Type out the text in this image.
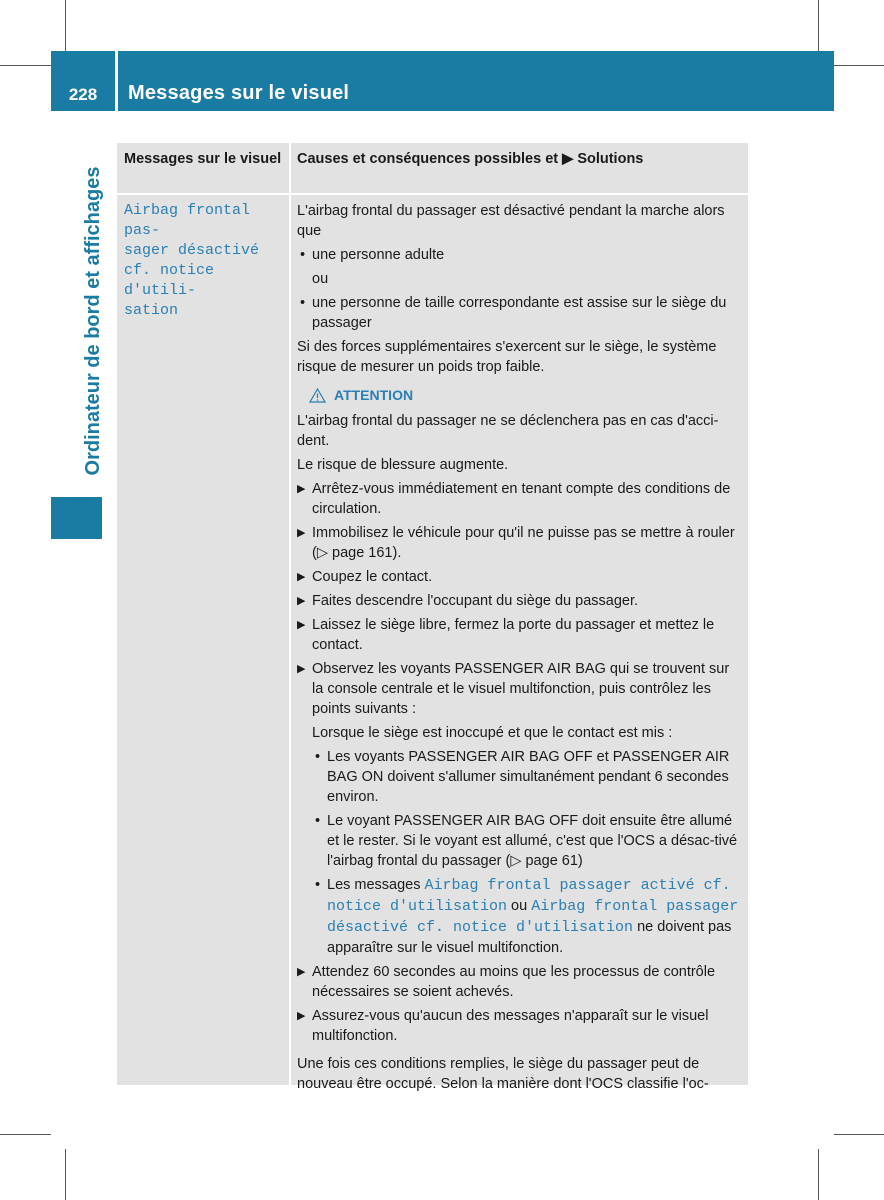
228	Messages sur le visuel
Ordinateur de bord et affichages
Messages sur le visuel Causes et conséquences possibles et ▶ Solutions
Airbag frontal pas-
sager désactivé
cf. notice d'utili-
sation

L'airbag frontal du passager est désactivé pendant la marche alors que

• une personne adulte

ou

• une personne de taille correspondante est assise sur le siège du passager

Si des forces supplémentaires s'exercent sur le siège, le système risque de mesurer un poids trop faible.

ATTENTION

L'airbag frontal du passager ne se déclenchera pas en cas d'acci-dent.

Le risque de blessure augmente.

▶ Arrêtez-vous immédiatement en tenant compte des conditions de circulation.
▶ Immobilisez le véhicule pour qu'il ne puisse pas se mettre à rouler (▷ page 161).
▶ Coupez le contact.
▶ Faites descendre l'occupant du siège du passager.
▶ Laissez le siège libre, fermez la porte du passager et mettez le contact.
▶ Observez les voyants PASSENGER AIR BAG qui se trouvent sur la console centrale et le visuel multifonction, puis contrôlez les points suivants :

Lorsque le siège est inoccupé et que le contact est mis :

• Les voyants PASSENGER AIR BAG OFF et PASSENGER AIR BAG ON doivent s'allumer simultanément pendant 6 secondes environ.
• Le voyant PASSENGER AIR BAG OFF doit ensuite être allumé et le rester. Si le voyant est allumé, c'est que l'OCS a désac-tivé l'airbag frontal du passager (▷ page 61)
• Les messages Airbag frontal passager activé cf. notice d'utilisation ou Airbag frontal passager désactivé cf. notice d'utilisation ne doivent pas apparaître sur le visuel multifonction.
▶ Attendez 60 secondes au moins que les processus de contrôle nécessaires se soient achevés.
▶ Assurez-vous qu'aucun des messages n'apparaît sur le visuel multifonction.

Une fois ces conditions remplies, le siège du passager peut de nouveau être occupé. Selon la manière dont l'OCS classifie l'oc-
